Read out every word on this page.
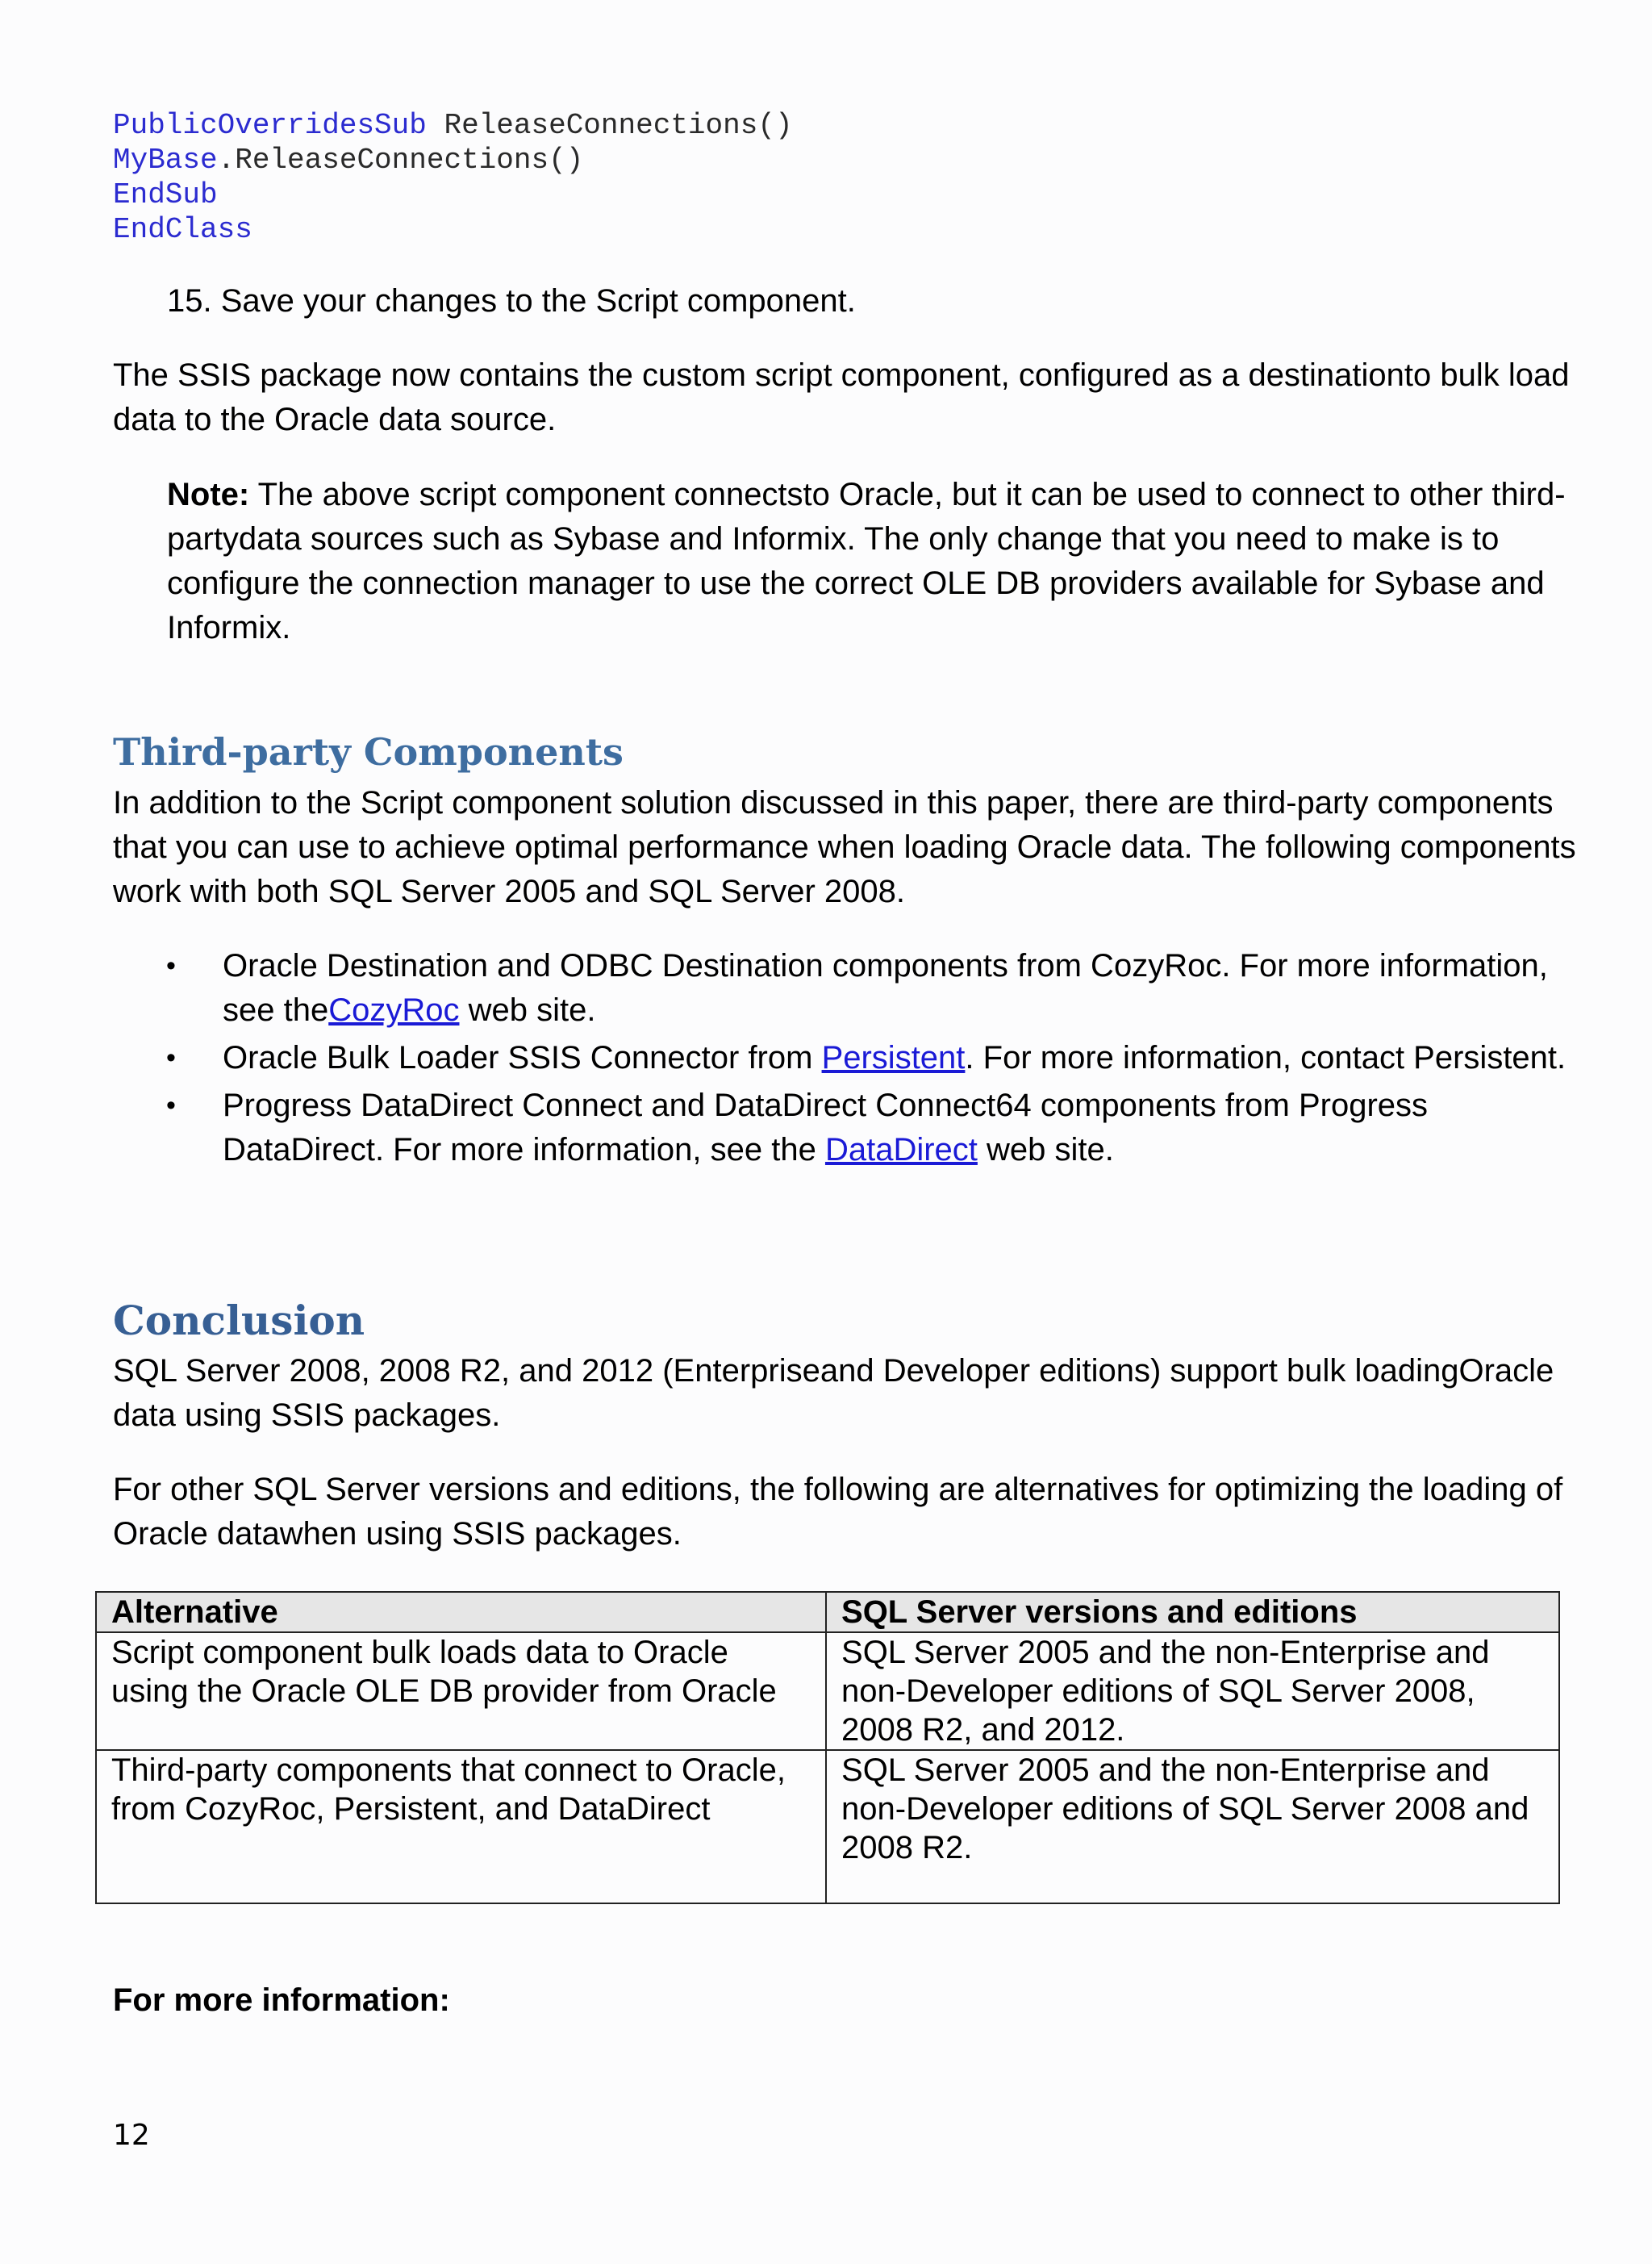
PublicOverridesSub ReleaseConnections()
MyBase.ReleaseConnections()
EndSub
EndClass
15. Save your changes to the Script component.
The SSIS package now contains the custom script component, configured as a destinationto bulk load data to the Oracle data source.
Note: The above script component connectsto Oracle, but it can be used to connect to other third-partydata sources such as Sybase and Informix. The only change that you need to make is to configure the connection manager to use the correct OLE DB providers available for Sybase and Informix.
Third-party Components
In addition to the Script component solution discussed in this paper, there are third-party components that you can use to achieve optimal performance when loading Oracle data. The following components work with both SQL Server 2005 and SQL Server 2008.
• Oracle Destination and ODBC Destination components from CozyRoc. For more information, see theCozyRoc web site.
• Oracle Bulk Loader SSIS Connector from Persistent. For more information, contact Persistent.
• Progress DataDirect Connect and DataDirect Connect64 components from Progress DataDirect. For more information, see the DataDirect web site.
Conclusion
SQL Server 2008, 2008 R2, and 2012 (Enterpriseand Developer editions) support bulk loadingOracle data using SSIS packages.
For other SQL Server versions and editions, the following are alternatives for optimizing the loading of Oracle datawhen using SSIS packages.
Alternative	SQL Server versions and editions
Script component bulk loads data to Oracle using the Oracle OLE DB provider from Oracle	SQL Server 2005 and the non-Enterprise and non-Developer editions of SQL Server 2008, 2008 R2, and 2012.
Third-party components that connect to Oracle, from CozyRoc, Persistent, and DataDirect	SQL Server 2005 and the non-Enterprise and non-Developer editions of SQL Server 2008 and 2008 R2.
For more information:
12
